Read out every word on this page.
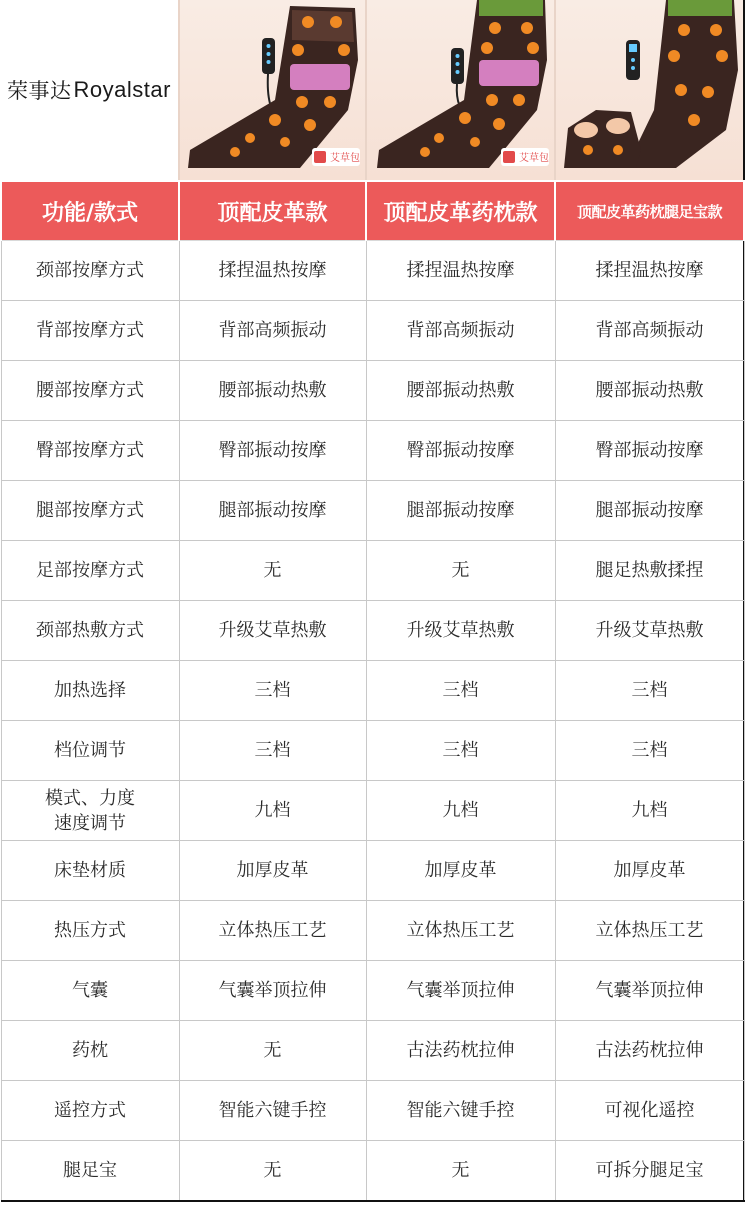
荣事达 Royalstar
艾草包	艾草包
功能/款式	顶配皮革款	顶配皮革药枕款	顶配皮革药枕腿足宝款
颈部按摩方式	揉捏温热按摩	揉捏温热按摩	揉捏温热按摩
背部按摩方式	背部高频振动	背部高频振动	背部高频振动
腰部按摩方式	腰部振动热敷	腰部振动热敷	腰部振动热敷
臀部按摩方式	臀部振动按摩	臀部振动按摩	臀部振动按摩
腿部按摩方式	腿部振动按摩	腿部振动按摩	腿部振动按摩
足部按摩方式	无	无	腿足热敷揉捏
颈部热敷方式	升级艾草热敷	升级艾草热敷	升级艾草热敷
加热选择	三档	三档	三档
档位调节	三档	三档	三档

模式、力度
速度调节	九档	九档	九档
床垫材质	加厚皮革	加厚皮革	加厚皮革
热压方式	立体热压工艺	立体热压工艺	立体热压工艺
气囊	气囊举顶拉伸	气囊举顶拉伸	气囊举顶拉伸
药枕	无	古法药枕拉伸	古法药枕拉伸
遥控方式	智能六键手控	智能六键手控	可视化遥控
腿足宝	无	无	可拆分腿足宝
